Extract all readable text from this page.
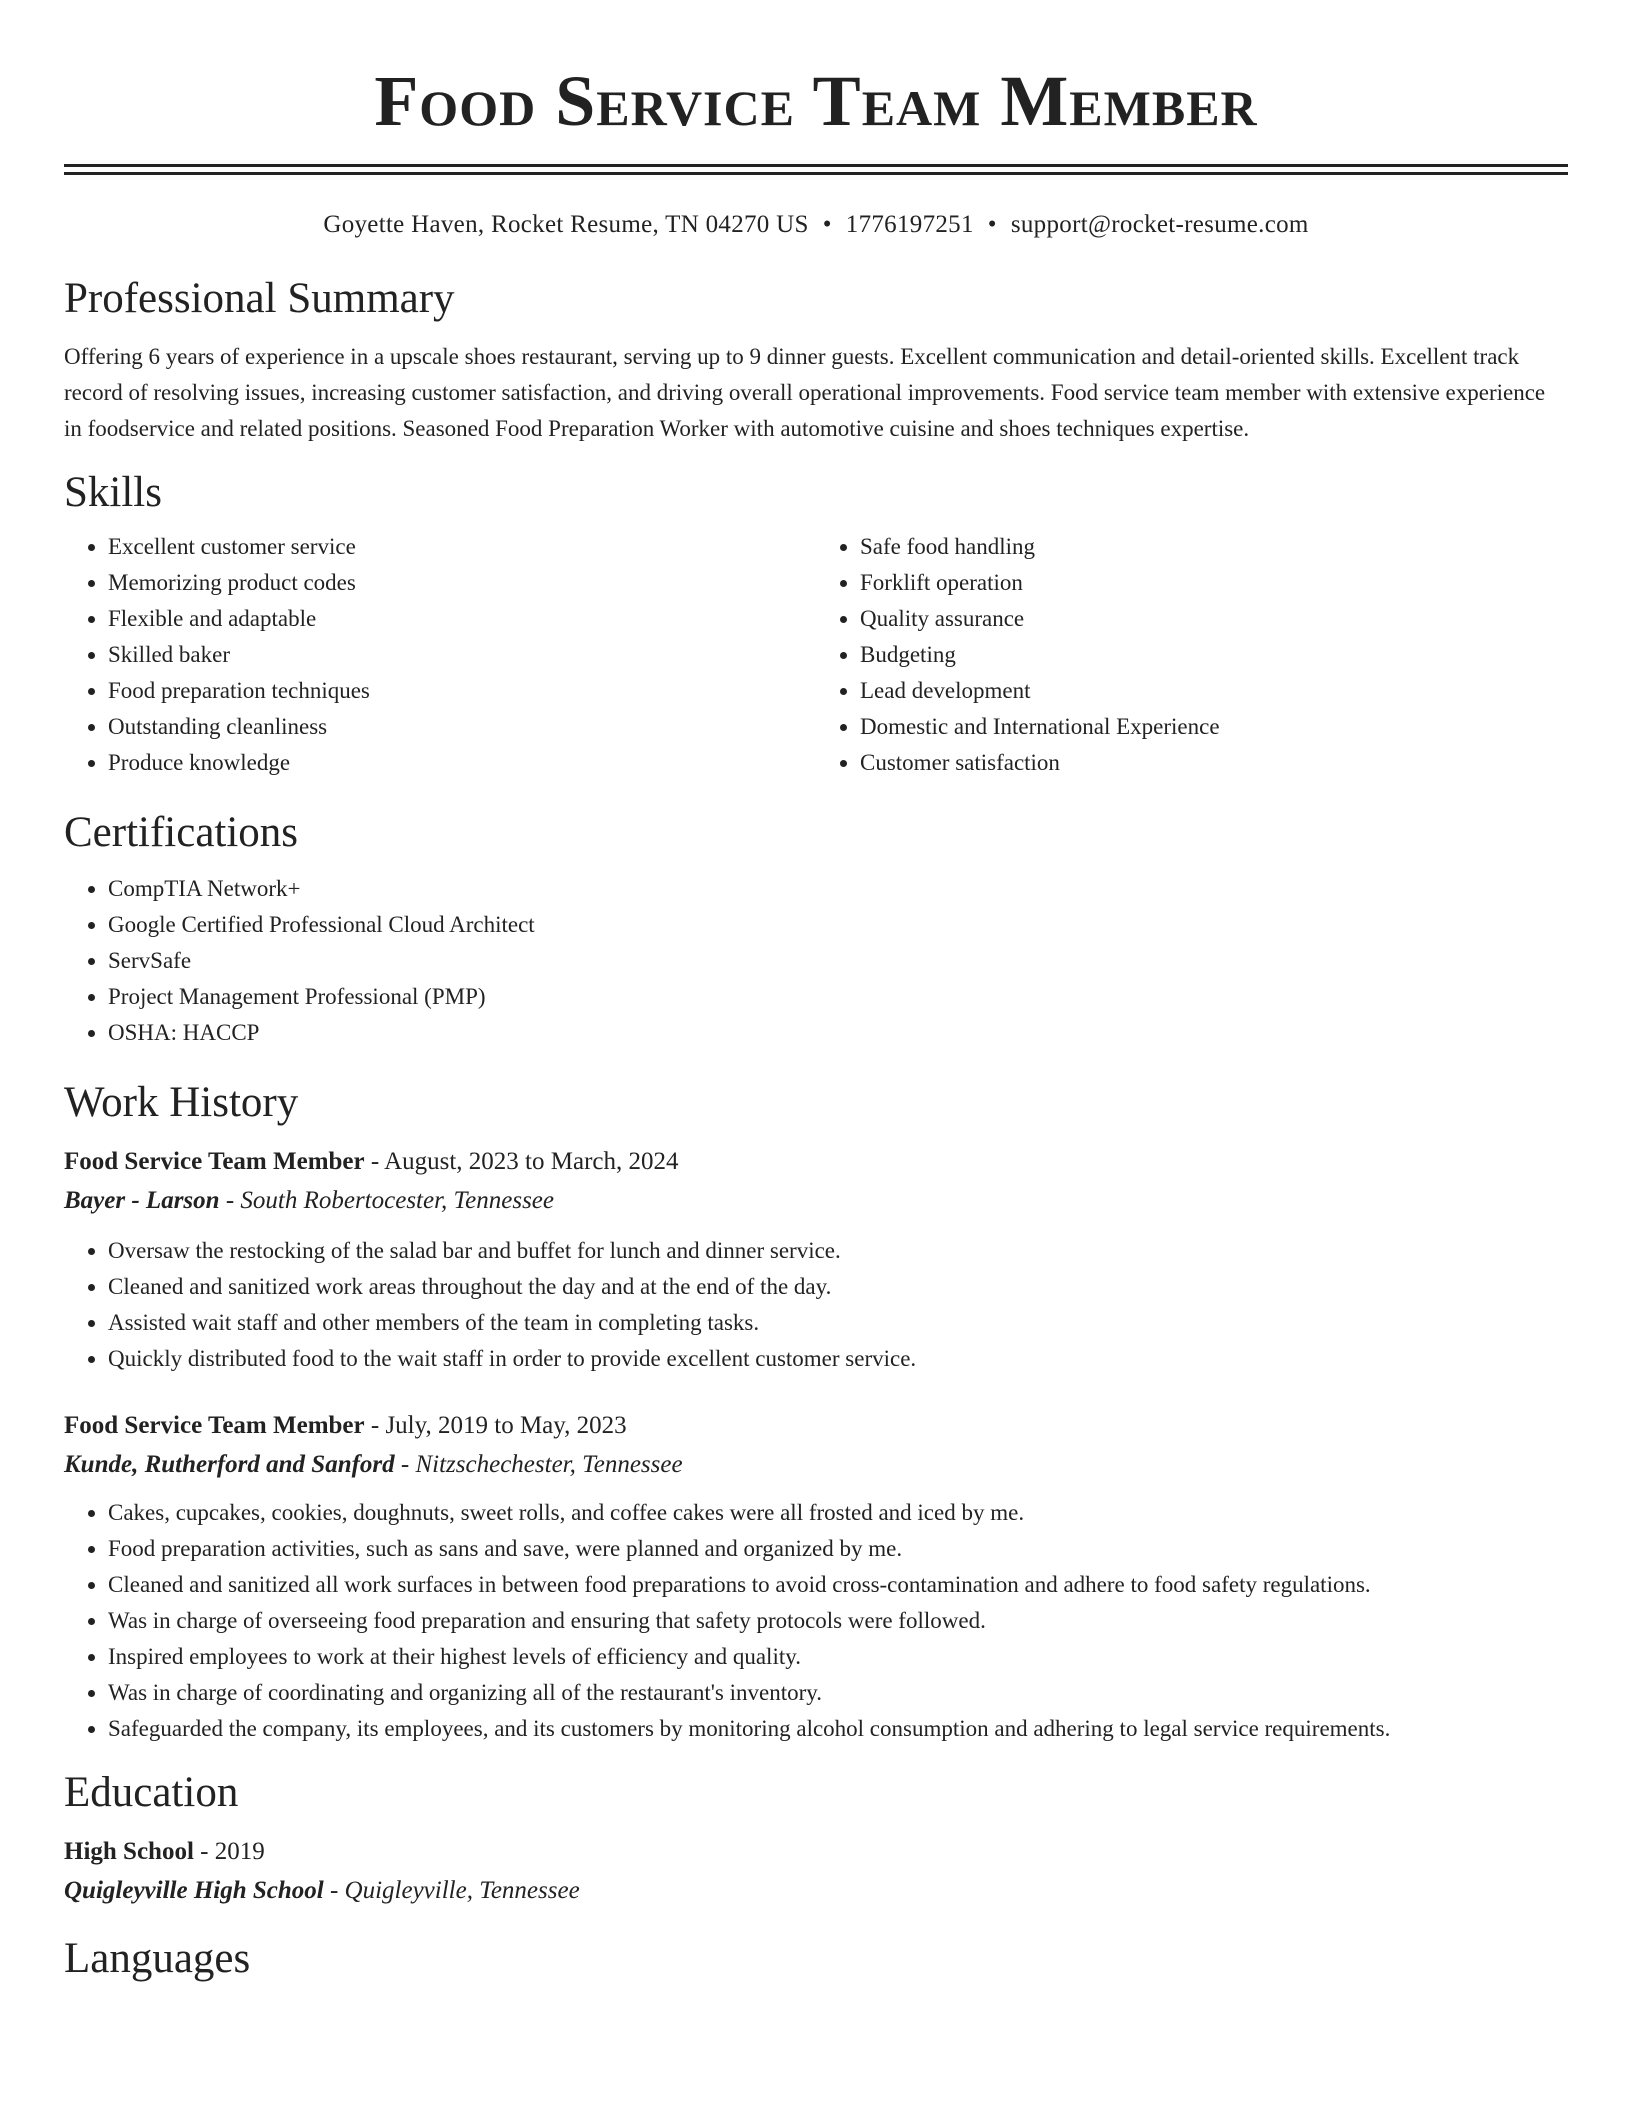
Food Service Team Member
Goyette Haven, Rocket Resume, TN 04270 US • 1776197251 • support@rocket-resume.com
Professional Summary

Offering 6 years of experience in a upscale shoes restaurant, serving up to 9 dinner guests. Excellent communication and detail-oriented skills. Excellent track record of resolving issues, increasing customer satisfaction, and driving overall operational improvements. Food service team member with extensive experience in foodservice and related positions. Seasoned Food Preparation Worker with automotive cuisine and shoes techniques expertise.

Skills
• Excellent customer service
• Memorizing product codes
• Flexible and adaptable
• Skilled baker
• Food preparation techniques
• Outstanding cleanliness
• Produce knowledge
• Safe food handling
• Forklift operation
• Quality assurance
• Budgeting
• Lead development
• Domestic and International Experience
• Customer satisfaction
Certifications
• CompTIA Network+
• Google Certified Professional Cloud Architect
• ServSafe
• Project Management Professional (PMP)
• OSHA: HACCP
Work History
Food Service Team Member - August, 2023 to March, 2024
Bayer - Larson - South Robertocester, Tennessee
• Oversaw the restocking of the salad bar and buffet for lunch and dinner service.
• Cleaned and sanitized work areas throughout the day and at the end of the day.
• Assisted wait staff and other members of the team in completing tasks.
• Quickly distributed food to the wait staff in order to provide excellent customer service.
Food Service Team Member - July, 2019 to May, 2023
Kunde, Rutherford and Sanford - Nitzschechester, Tennessee
• Cakes, cupcakes, cookies, doughnuts, sweet rolls, and coffee cakes were all frosted and iced by me.
• Food preparation activities, such as sans and save, were planned and organized by me.
• Cleaned and sanitized all work surfaces in between food preparations to avoid cross-contamination and adhere to food safety regulations.
• Was in charge of overseeing food preparation and ensuring that safety protocols were followed.
• Inspired employees to work at their highest levels of efficiency and quality.
• Was in charge of coordinating and organizing all of the restaurant's inventory.
• Safeguarded the company, its employees, and its customers by monitoring alcohol consumption and adhering to legal service requirements.
Education
High School - 2019
Quigleyville High School - Quigleyville, Tennessee
Languages
